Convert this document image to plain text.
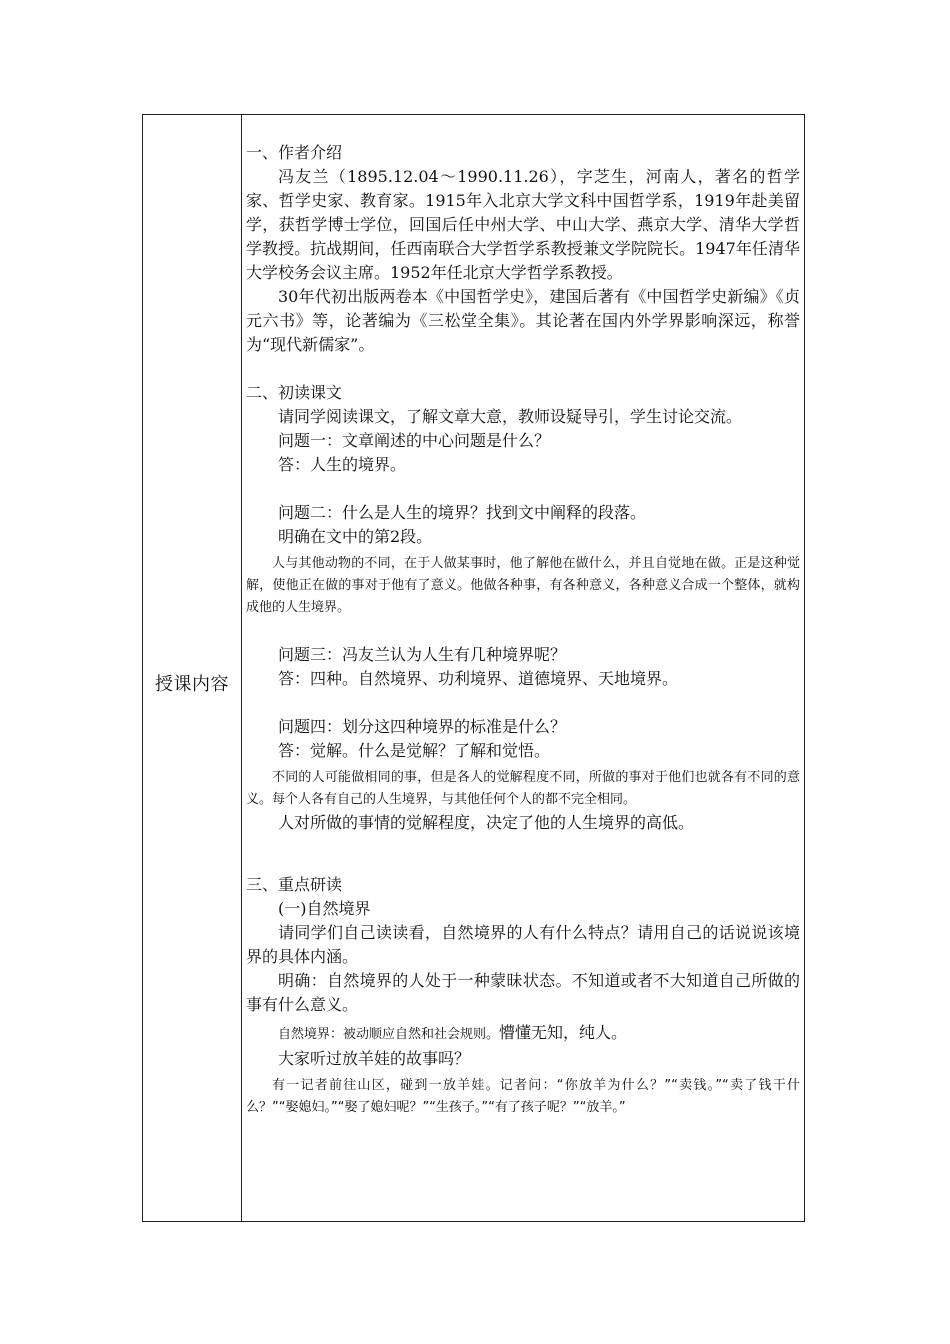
授课内容

一、作者介绍

冯友兰（1895.12.04～1990.11.26），字芝生，河南人，著名的哲学家、哲学史家、教育家。1915年入北京大学文科中国哲学系，1919年赴美留学，获哲学博士学位，回国后任中州大学、中山大学、燕京大学、清华大学哲学教授。抗战期间，任西南联合大学哲学系教授兼文学院院长。1947年任清华大学校务会议主席。1952年任北京大学哲学系教授。

30年代初出版两卷本《中国哲学史》，建国后著有《中国哲学史新编》《贞元六书》等，论著编为《三松堂全集》。其论著在国内外学界影响深远，称誉为“现代新儒家”。

二、初读课文

请同学阅读课文，了解文章大意，教师设疑导引，学生讨论交流。

问题一：文章阐述的中心问题是什么？

答：人生的境界。

问题二：什么是人生的境界？找到文中阐释的段落。

明确在文中的第2段。

人与其他动物的不同，在于人做某事时，他了解他在做什么，并且自觉地在做。正是这种觉解，使他正在做的事对于他有了意义。他做各种事，有各种意义，各种意义合成一个整体，就构成他的人生境界。

问题三：冯友兰认为人生有几种境界呢？

答：四种。自然境界、功利境界、道德境界、天地境界。

问题四：划分这四种境界的标准是什么？

答：觉解。什么是觉解？了解和觉悟。

不同的人可能做相同的事，但是各人的觉解程度不同，所做的事对于他们也就各有不同的意义。每个人各有自己的人生境界，与其他任何个人的都不完全相同。

人对所做的事情的觉解程度，决定了他的人生境界的高低。

三、重点研读

(一)自然境界

请同学们自己读读看，自然境界的人有什么特点？请用自己的话说说该境界的具体内涵。

明确：自然境界的人处于一种蒙昧状态。不知道或者不大知道自己所做的事有什么意义。

自然境界：被动顺应自然和社会规则。懵懂无知，纯人。

大家听过放羊娃的故事吗？

有一记者前往山区，碰到一放羊娃。记者问：“你放羊为什么？”“卖钱。”“卖了钱干什么？”“娶媳妇。”“娶了媳妇呢？”“生孩子。”“有了孩子呢？”“放羊。”
